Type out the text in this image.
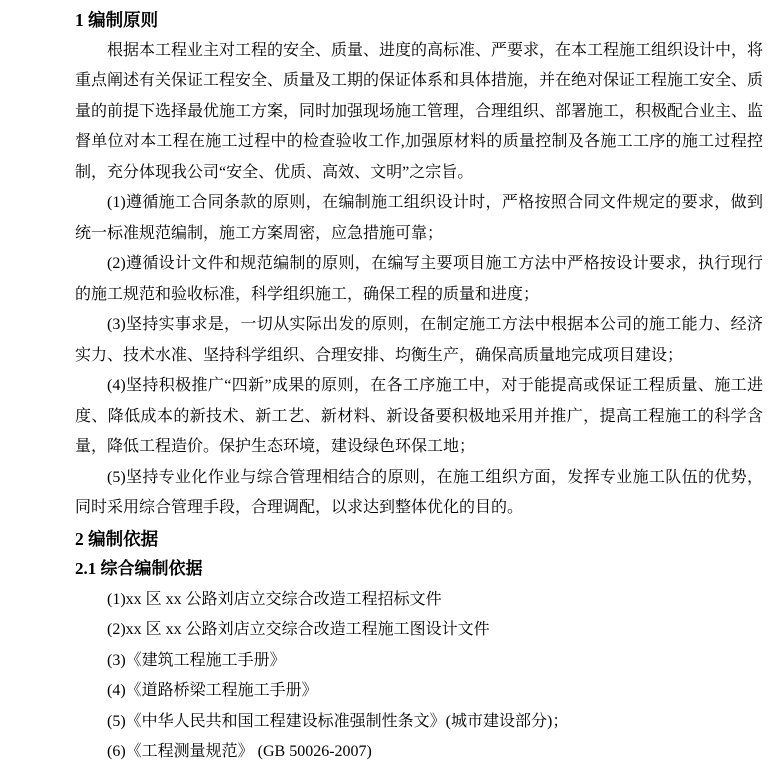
1 编制原则

根据本工程业主对工程的安全、质量、进度的高标准、严要求，在本工程施工组织设计中，将重点阐述有关保证工程安全、质量及工期的保证体系和具体措施，并在绝对保证工程施工安全、质量的前提下选择最优施工方案，同时加强现场施工管理，合理组织、部署施工，积极配合业主、监督单位对本工程在施工过程中的检查验收工作,加强原材料的质量控制及各施工工序的施工过程控制，充分体现我公司“安全、优质、高效、文明”之宗旨。

(1)遵循施工合同条款的原则，在编制施工组织设计时，严格按照合同文件规定的要求，做到统一标准规范编制，施工方案周密，应急措施可靠；

(2)遵循设计文件和规范编制的原则，在编写主要项目施工方法中严格按设计要求，执行现行的施工规范和验收标准，科学组织施工，确保工程的质量和进度；

(3)坚持实事求是，一切从实际出发的原则，在制定施工方法中根据本公司的施工能力、经济实力、技术水准、坚持科学组织、合理安排、均衡生产，确保高质量地完成项目建设；

(4)坚持积极推广“四新”成果的原则，在各工序施工中，对于能提高或保证工程质量、施工进度、降低成本的新技术、新工艺、新材料、新设备要积极地采用并推广，提高工程施工的科学含量，降低工程造价。保护生态环境，建设绿色环保工地；

(5)坚持专业化作业与综合管理相结合的原则，在施工组织方面，发挥专业施工队伍的优势，同时采用综合管理手段，合理调配，以求达到整体优化的目的。

2 编制依据
2.1 综合编制依据

(1)xx 区 xx 公路刘店立交综合改造工程招标文件

(2)xx 区 xx 公路刘店立交综合改造工程施工图设计文件

(3)《建筑工程施工手册》

(4)《道路桥梁工程施工手册》

(5)《中华人民共和国工程建设标准强制性条文》(城市建设部分)；

(6)《工程测量规范》 (GB 50026-2007)
